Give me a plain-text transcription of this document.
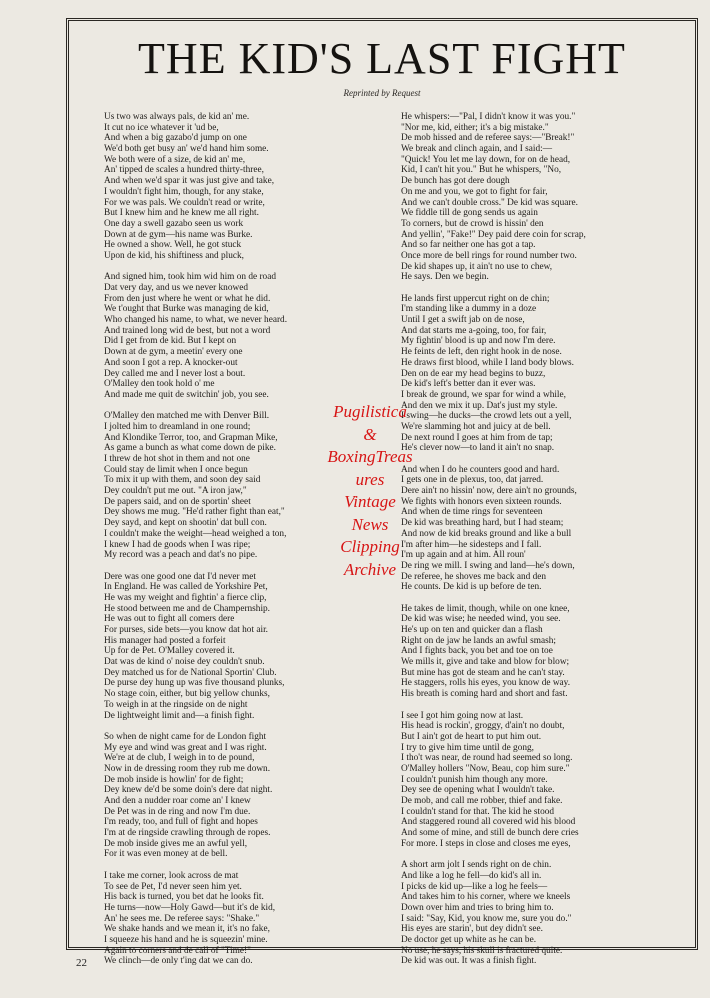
THE KID'S LAST FIGHT
Reprinted by Request
Us two was always pals, de kid an' me.
It cut no ice whatever it 'ud be,
And when a big gazabo'd jump on one
We'd both get busy an' we'd hand him some.
We both were of a size, de kid an' me,
An' tipped de scales a hundred thirty-three,
And when we'd spar it was just give and take,
I wouldn't fight him, though, for any stake,
For we was pals. We couldn't read or write,
But I knew him and he knew me all right.
One day a swell gazabo seen us work
Down at de gym—his name was Burke.
He owned a show. Well, he got stuck
Upon de kid, his shiftiness and pluck,
And signed him, took him wid him on de road
Dat very day, and us we never knowed
From den just where he went or what he did.
We t'ought that Burke was managing de kid,
Who changed his name, to what, we never heard.
And trained long wid de best, but not a word
Did I get from de kid. But I kept on
Down at de gym, a meetin' every one
And soon I got a rep. A knocker-out
Dey called me and I never lost a bout.
O'Malley den took hold o' me
And made me quit de switchin' job, you see.
O'Malley den matched me with Denver Bill.
I jolted him to dreamland in one round;
And Klondike Terror, too, and Grapman Mike,
As game a bunch as what come down de pike.
I threw de hot shot in them and not one
Could stay de limit when I once begun
To mix it up with them, and soon dey said
Dey couldn't put me out. "A iron jaw,"
De papers said, and on de sportin' sheet
Dey shows me mug. "He'd rather fight than eat,"
Dey sayd, and kept on shootin' dat bull con.
I couldn't make the weight—head weighed a ton,
I knew I had de goods when I was ripe;
My record was a peach and dat's no pipe.
Dere was one good one dat I'd never met
In England. He was called de Yorkshire Pet,
He was my weight and fightin' a fierce clip,
He stood between me and de Champernship.
He was out to fight all comers dere
For purses, side bets—you know dat hot air.
His manager had posted a forfeit
Up for de Pet. O'Malley covered it.
Dat was de kind o' noise dey couldn't snub.
Dey matched us for de National Sportin' Club.
De purse dey hung up was five thousand plunks,
No stage coin, either, but big yellow chunks,
To weigh in at the ringside on de night
De lightweight limit and—a finish fight.
So when de night came for de London fight
My eye and wind was great and I was right.
We're at de club, I weigh in to de pound,
Now in de dressing room they rub me down.
De mob inside is howlin' for de fight;
Dey knew de'd be some doin's dere dat night.
And den a nudder roar come an' I knew
De Pet was in de ring and now I'm due.
I'm ready, too, and full of fight and hopes
I'm at de ringside crawling through de ropes.
De mob inside gives me an awful yell,
For it was even money at de bell.
I take me corner, look across de mat
To see de Pet, I'd never seen him yet.
His back is turned, you bet dat he looks fit.
He turns—now—Holy Gawd—but it's de kid,
An' he sees me. De referee says: "Shake."
We shake hands and we mean it, it's no fake,
I squeeze his hand and he is squeezin' mine.
Again to corners and de call of "Time!"
We clinch—de only t'ing dat we can do.
He whispers:—"Pal, I didn't know it was you."
"Nor me, kid, either; it's a big mistake."
De mob hissed and de referee says:—"Break!"
We break and clinch again, and I said:—
"Quick! You let me lay down, for on de head,
Kid, I can't hit you." But he whispers, "No,
De bunch has got dere dough
On me and you, we got to fight for fair,
And we can't double cross." De kid was square.
We fiddle till de gong sends us again
To corners, but de crowd is hissin' den
And yellin', "Fake!" Dey paid dere coin for scrap,
And so far neither one has got a tap.
Once more de bell rings for round number two.
De kid shapes up, it ain't no use to chew,
He says. Den we begin.
He lands first uppercut right on de chin;
I'm standing like a dummy in a doze
Until I get a swift jab on de nose,
And dat starts me a-going, too, for fair,
My fightin' blood is up and now I'm dere.
He feints de left, den right hook in de nose.
He draws first blood, while I land body blows.
Den on de ear my head begins to buzz,
De kid's left's better dan it ever was.
I break de ground, we spar for wind a while,
And den we mix it up. Dat's just my style.
I swing—he ducks—the crowd lets out a yell,
We're slamming hot and juicy at de bell.
De next round I goes at him from de tap;
He's clever now—to land it ain't no snap.
And when I do he counters good and hard.
I gets one in de plexus, too, dat jarred.
Dere ain't no hissin' now, dere ain't no grounds,
We fights with honors even sixteen rounds.
And when de time rings for seventeen
De kid was breathing hard, but I had steam;
And now de kid breaks ground and like a bull
I'm after him—he sidesteps and I fall.
I'm up again and at him. All roun'
De ring we mill. I swing and land—he's down,
De referee, he shoves me back and den
He counts. De kid is up before de ten.
He takes de limit, though, while on one knee,
De kid was wise; he needed wind, you see.
He's up on ten and quicker dan a flash
Right on de jaw he lands an awful smash;
And I fights back, you bet and toe on toe
We mills it, give and take and blow for blow;
But mine has got de steam and he can't stay.
He staggers, rolls his eyes, you know de way.
His breath is coming hard and short and fast.
I see I got him going now at last.
His head is rockin', groggy, d'ain't no doubt,
But I ain't got de heart to put him out.
I try to give him time until de gong,
I tho't was near, de round had seemed so long.
O'Malley hollers "Now, Beau, cop him sure."
I couldn't punish him though any more.
Dey see de opening what I wouldn't take.
De mob, and call me robber, thief and fake.
I couldn't stand for that. The kid he stood
And staggered round all covered wid his blood
And some of mine, and still de bunch dere cries
For more. I steps in close and closes me eyes,
A short arm jolt I sends right on de chin.
And like a log he fell—do kid's all in.
I picks de kid up—like a log he feels—
And takes him to his corner, where we kneels
Down over him and tries to bring him to.
I said: "Say, Kid, you know me, sure you do."
His eyes are starin', but dey didn't see.
De doctor get up white as he can be.
No use, he says, his skull is fractured quite.
De kid was out. It was a finish fight.
Pugilistica
&
BoxingTreas
ures
Vintage
News
Clipping
Archive
22
